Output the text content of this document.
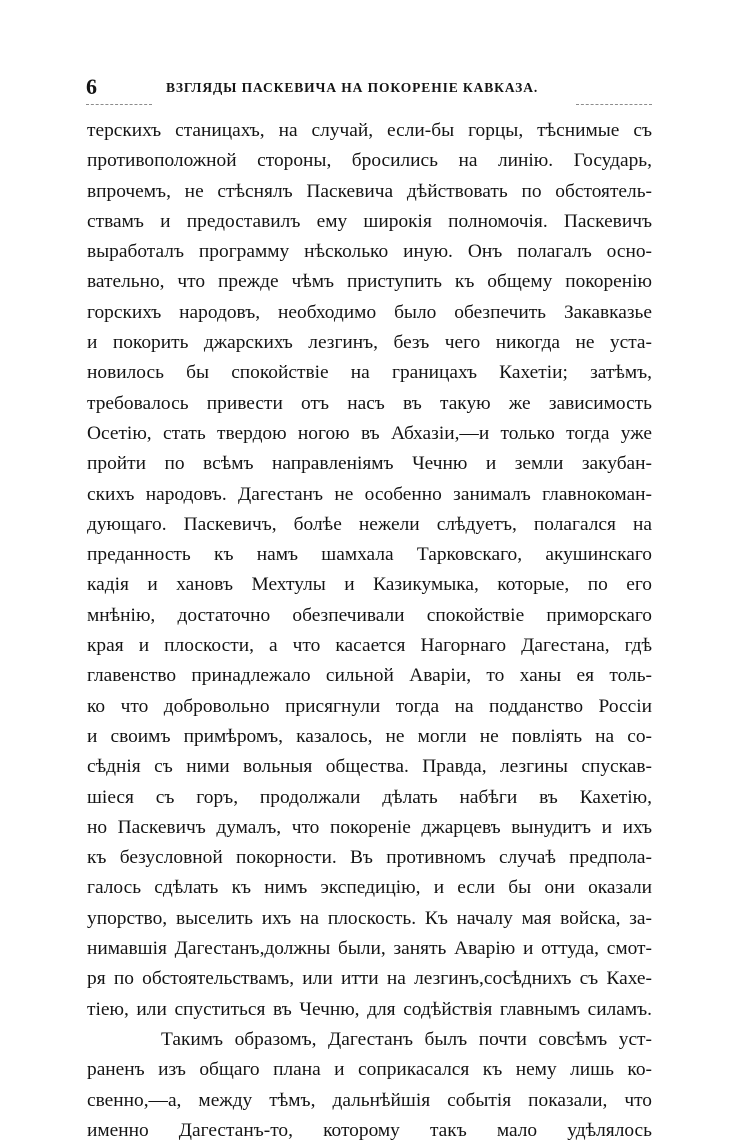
6	ВЗГЛЯДЫ ПАСКЕВИЧА НА ПОКОРЕНІЕ КАВКАЗА.
терскихъ станицахъ, на случай, если-бы горцы, тѣснимые съ
противоположной стороны, бросились на линію. Государь,
впрочемъ, не стѣснялъ Паскевича дѣйствовать по обстоятель-
ствамъ и предоставилъ ему широкія полномочія. Паскевичъ
выработалъ программу нѣсколько иную. Онъ полагалъ осно-
вательно, что прежде чѣмъ приступить къ общему покоренію
горскихъ народовъ, необходимо было обезпечить Закавказье
и покорить джарскихъ лезгинъ, безъ чего никогда не уста-
новилось бы спокойствіе на границахъ Кахетіи; затѣмъ,
требовалось привести отъ насъ въ такую же зависимость
Осетію, стать твердою ногою въ Абхазіи,—и только тогда уже
пройти по всѣмъ направленіямъ Чечню и земли закубан-
скихъ народовъ. Дагестанъ не особенно занималъ главнокоман-
дующаго. Паскевичъ, болѣе нежели слѣдуетъ, полагался на
преданность къ намъ шамхала Тарковскаго, акушинскаго
кадія и хановъ Мехтулы и Казикумыка, которые, по его
мнѣнію, достаточно обезпечивали спокойствіе приморскаго
края и плоскости, а что касается Нагорнаго Дагестана, гдѣ
главенство принадлежало сильной Аваріи, то ханы ея толь-
ко что добровольно присягнули тогда на подданство Россіи
и своимъ примѣромъ, казалось, не могли не повліять на со-
сѣднія съ ними вольныя общества. Правда, лезгины спускав-
шіеся съ горъ, продолжали дѣлать набѣги въ Кахетію,
но Паскевичъ думалъ, что покореніе джарцевъ вынудитъ и ихъ
къ безусловной покорности. Въ противномъ случаѣ предпола-
галось сдѣлать къ нимъ экспедицію, и если бы они оказали
упорство, выселить ихъ на плоскость. Къ началу мая войска, за-
нимавшія Дагестанъ,должны были, занять Аварію и оттуда, смот-
ря по обстоятельствамъ, или итти на лезгинъ,сосѣднихъ съ Кахе-
тіею, или спуститься въ Чечню, для содѣйствія главнымъ силамъ.
Такимъ образомъ, Дагестанъ былъ почти совсѣмъ уст-
раненъ изъ общаго плана и соприкасался къ нему лишь ко-
свенно,—а, между тѣмъ, дальнѣйшія событія показали, что
именно Дагестанъ-то, которому такъ мало удѣлялось
